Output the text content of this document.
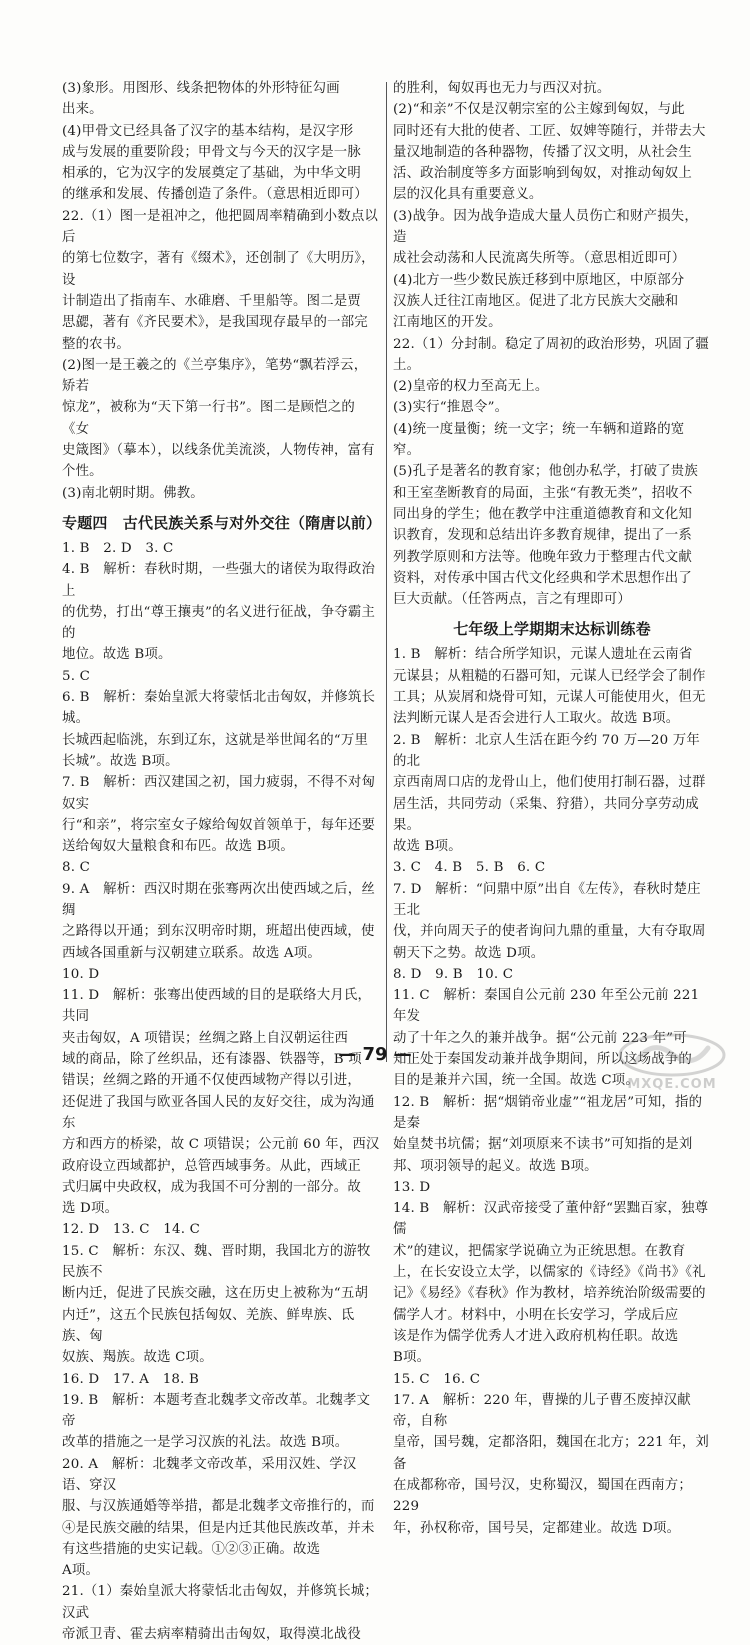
(3)象形。用图形、线条把物体的外形特征勾画
出来。
(4)甲骨文已经具备了汉字的基本结构，是汉字形
成与发展的重要阶段；甲骨文与今天的汉字是一脉
相承的，它为汉字的发展奠定了基础，为中华文明
的继承和发展、传播创造了条件。（意思相近即可）
22.（1）图一是祖冲之，他把圆周率精确到小数点以后
的第七位数字，著有《缀术》，还创制了《大明历》，设
计制造出了指南车、水碓磨、千里船等。图二是贾
思勰，著有《齐民要术》，是我国现存最早的一部完
整的农书。
(2)图一是王羲之的《兰亭集序》，笔势“飘若浮云，矫若
惊龙”，被称为“天下第一行书”。图二是顾恺之的《女
史箴图》（摹本），以线条优美流淡，人物传神，富有
个性。
(3)南北朝时期。佛教。
专题四　古代民族关系与对外交往（隋唐以前）
1. B　2. D　3. C
4. B　解析：春秋时期，一些强大的诸侯为取得政治上
的优势，打出“尊王攘夷”的名义进行征战，争夺霸主的
地位。故选 B项。
5. C
6. B　解析：秦始皇派大将蒙恬北击匈奴，并修筑长城。
长城西起临洮，东到辽东，这就是举世闻名的“万里
长城”。故选 B项。
7. B　解析：西汉建国之初，国力疲弱，不得不对匈奴实
行“和亲”，将宗室女子嫁给匈奴首领单于，每年还要
送给匈奴大量粮食和布匹。故选 B项。
8. C
9. A　解析：西汉时期在张骞两次出使西域之后，丝绸
之路得以开通；到东汉明帝时期，班超出使西域，使
西域各国重新与汉朝建立联系。故选 A项。
10. D
11. D　解析：张骞出使西域的目的是联络大月氏，共同
夹击匈奴，A 项错误；丝绸之路上自汉朝运往西
域的商品，除了丝织品，还有漆器、铁器等，B 项
错误；丝绸之路的开通不仅使西域物产得以引进，
还促进了我国与欧亚各国人民的友好交往，成为沟通东
方和西方的桥梁，故 C 项错误；公元前 60 年，西汉
政府设立西域都护，总管西域事务。从此，西域正
式归属中央政权，成为我国不可分割的一部分。故
选 D项。
12. D　13. C　14. C
15. C　解析：东汉、魏、晋时期，我国北方的游牧民族不
断内迁，促进了民族交融，这在历史上被称为“五胡
内迁”，这五个民族包括匈奴、羌族、鲜卑族、氐族、匈
奴族、羯族。故选 C项。
16. D　17. A　18. B
19. B　解析：本题考查北魏孝文帝改革。北魏孝文帝
改革的措施之一是学习汉族的礼法。故选 B项。
20. A　解析：北魏孝文帝改革，采用汉姓、学汉语、穿汉
服、与汉族通婚等举措，都是北魏孝文帝推行的，而
④是民族交融的结果，但是内迁其他民族改革，并未
有这些措施的史实记载。①②③正确。故选
A项。
21.（1）秦始皇派大将蒙恬北击匈奴，并修筑长城；汉武
帝派卫青、霍去病率精骑出击匈奴，取得漠北战役
的胜利，匈奴再也无力与西汉对抗。
(2)“和亲”不仅是汉朝宗室的公主嫁到匈奴，与此
同时还有大批的使者、工匠、奴婢等随行，并带去大
量汉地制造的各种器物，传播了汉文明，从社会生
活、政治制度等多方面影响到匈奴，对推动匈奴上
层的汉化具有重要意义。
(3)战争。因为战争造成大量人员伤亡和财产损失，造
成社会动荡和人民流离失所等。（意思相近即可）
(4)北方一些少数民族迁移到中原地区，中原部分
汉族人迁往江南地区。促进了北方民族大交融和
江南地区的开发。
22.（1）分封制。稳定了周初的政治形势，巩固了疆土。
(2)皇帝的权力至高无上。
(3)实行“推恩令”。
(4)统一度量衡；统一文字；统一车辆和道路的宽窄。
(5)孔子是著名的教育家；他创办私学，打破了贵族
和王室垄断教育的局面，主张“有教无类”，招收不
同出身的学生；他在教学中注重道德教育和文化知
识教育，发现和总结出许多教育规律，提出了一系
列教学原则和方法等。他晚年致力于整理古代文献
资料，对传承中国古代文化经典和学术思想作出了
巨大贡献。（任答两点，言之有理即可）
七年级上学期期末达标训练卷
1. B　解析：结合所学知识，元谋人遗址在云南省
元谋县；从粗糙的石器可知，元谋人已经学会了制作
工具；从炭屑和烧骨可知，元谋人可能使用火，但无
法判断元谋人是否会进行人工取火。故选 B项。
2. B　解析：北京人生活在距今约 70 万—20 万年的北
京西南周口店的龙骨山上，他们使用打制石器，过群
居生活，共同劳动（采集、狩猎），共同分享劳动成果。
故选 B项。
3. C　4. B　5. B　6. C
7. D　解析：“问鼎中原”出自《左传》，春秋时楚庄王北
伐，并向周天子的使者询问九鼎的重量，大有夺取周
朝天下之势。故选 D项。
8. D　9. B　10. C
11. C　解析：秦国自公元前 230 年至公元前 221 年发
动了十年之久的兼并战争。据“公元前 223 年”可
知正处于秦国发动兼并战争期间，所以这场战争的
目的是兼并六国，统一全国。故选 C项。
12. B　解析：据“烟销帝业虚”“祖龙居”可知，指的是秦
始皇焚书坑儒；据“刘项原来不读书”可知指的是刘
邦、项羽领导的起义。故选 B项。
13. D
14. B　解析：汉武帝接受了董仲舒“罢黜百家，独尊儒
术”的建议，把儒家学说确立为正统思想。在教育
上，在长安设立太学，以儒家的《诗经》《尚书》《礼
记》《易经》《春秋》作为教材，培养统治阶级需要的
儒学人才。材料中，小明在长安学习，学成后应
该是作为儒学优秀人才进入政府机构任职。故选
B项。
15. C　16. C
17. A　解析：220 年，曹操的儿子曹丕废掉汉献帝，自称
皇帝，国号魏，定都洛阳，魏国在北方；221 年，刘备
在成都称帝，国号汉，史称蜀汉，蜀国在西南方；229
年，孙权称帝，国号吴，定都建业。故选 D项。
— 79 —
MXQE.COM
